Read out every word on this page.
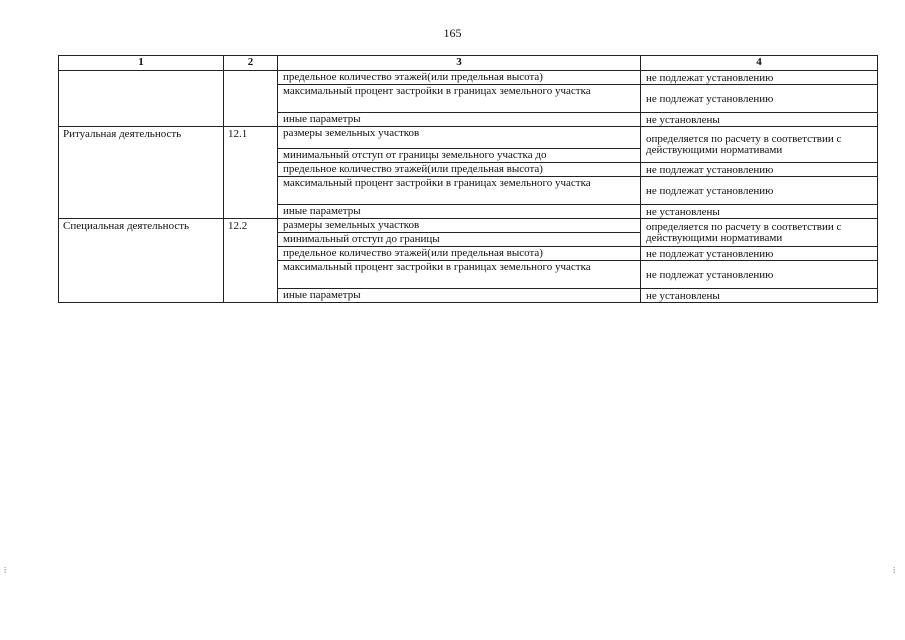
165
1	2	3	4
		предельное количество этажей(или предельная высота)	не подлежат установлению
		максимальный процент застройки в границах земельного участка	не подлежат установлению
		иные параметры	не установлены
Ритуальная деятельность	12.1	размеры земельных участков	определяется по расчету в соответствии с действующими нормативами

		минимальный отступ от границы земельного участка до	
		предельное количество этажей(или предельная высота)	не подлежат установлению
		максимальный процент застройки в границах земельного участка	не подлежат установлению
		иные параметры	не установлены
Специальная деятельность	12.2	размеры земельных участков	определяется по расчету в соответствии с действующими нормативами
		минимальный отступ до границы	
		предельное количество этажей(или предельная высота)	не подлежат установлению
		максимальный процент застройки в границах земельного участка	не подлежат установлению
		иные параметры	не установлены
⁞	⁞
